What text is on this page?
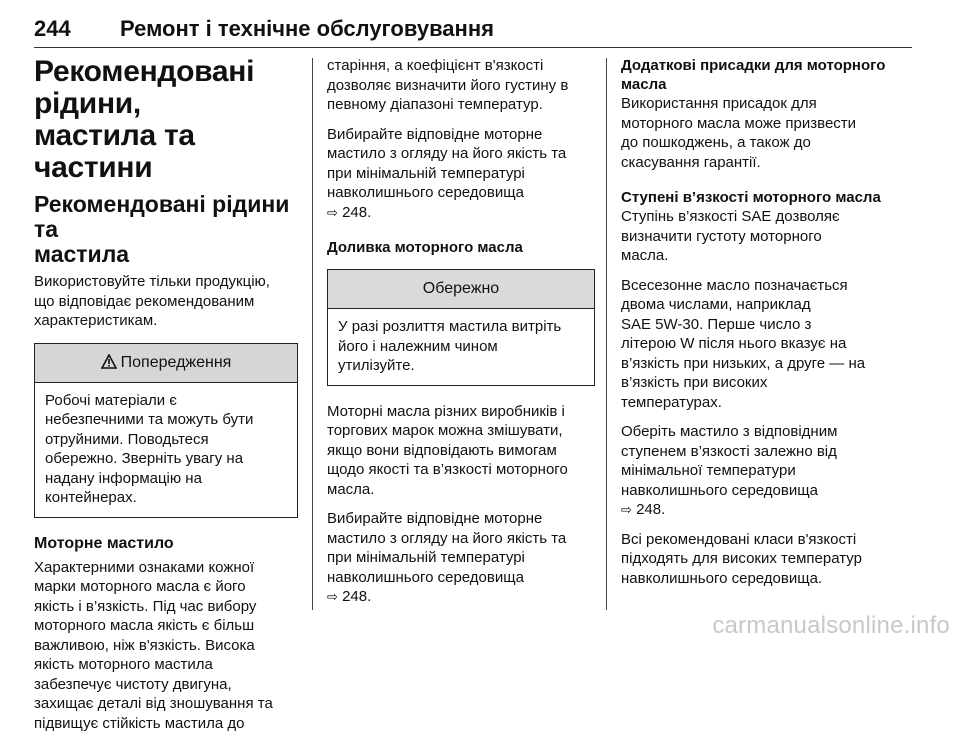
244 Ремонт і технічне обслуговування
Рекомендовані рідини,
мастила та частини
Рекомендовані рідини та
мастила

Використовуйте тільки продукцію,
що відповідає рекомендованим
характеристикам.

Попередження
Робочі матеріали є
небезпечними та можуть бути
отруйними. Поводьтеся
обережно. Зверніть увагу на
надану інформацію на
контейнерах.
Моторне мастило

Характерними ознаками кожної
марки моторного масла є його
якість і в’язкість. Під час вибору
моторного масла якість є більш
важливою, ніж в'язкість. Висока
якість моторного мастила
забезпечує чистоту двигуна,
захищає деталі від зношування та
підвищує стійкість мастила до

старіння, а коефіцієнт в'язкості
дозволяє визначити його густину в
певному діапазоні температур.

Вибирайте відповідне моторне
мастило з огляду на його якість та
при мінімальній температурі
навколишнього середовища
⇨ 248.

Доливка моторного масла
Обережно
У разі розлиття мастила витріть
його і належним чином
утилізуйте.

Моторні масла різних виробників і
торгових марок можна змішувати,
якщо вони відповідають вимогам
щодо якості та в’язкості моторного
масла.

Вибирайте відповідне моторне
мастило з огляду на його якість та
при мінімальній температурі
навколишнього середовища
⇨ 248.

Додаткові присадки для моторного
масла

Використання присадок для
моторного масла може призвести
до пошкоджень, а також до
скасування гарантії.

Ступені в’язкості моторного масла

Ступінь в’язкості SAE дозволяє
визначити густоту моторного
масла.

Всесезонне масло позначається
двома числами, наприклад
SAE 5W-30. Перше число з
літерою W після нього вказує на
в’язкість при низьких, а друге — на
в’язкість при високих
температурах.

Оберіть мастило з відповідним
ступенем в’язкості залежно від
мінімальної температури
навколишнього середовища
⇨ 248.

Всі рекомендовані класи в'язкості
підходять для високих температур
навколишнього середовища.

carmanualsonline.info
